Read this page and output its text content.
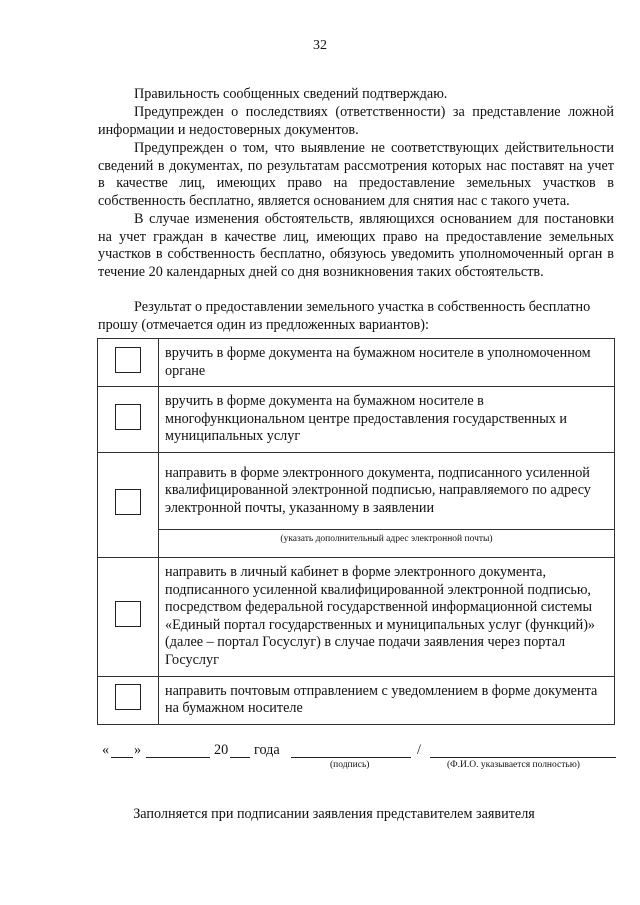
32

Правильность сообщенных сведений подтверждаю.

Предупрежден о последствиях (ответственности) за представление ложной информации и недостоверных документов.

Предупрежден о том, что выявление не соответствующих действительности сведений в документах, по результатам рассмотрения которых нас поставят на учет в качестве лиц, имеющих право на предоставление земельных участков в собственность бесплатно, является основанием для снятия нас с такого учета.

В случае изменения обстоятельств, являющихся основанием для постановки на учет граждан в качестве лиц, имеющих право на предоставление земельных участков в собственность бесплатно, обязуюсь уведомить уполномоченный орган в течение 20 календарных дней со дня возникновения таких обстоятельств.

Результат о предоставлении земельного участка в собственность бесплатно прошу (отмечается один из предложенных вариантов):

	вручить в форме документа на бумажном носителе в уполномоченном органе
	вручить в форме документа на бумажном носителе в многофункциональном центре предоставления государственных и муниципальных услуг
	направить в форме электронного документа, подписанного усиленной квалифицированной электронной подписью, направляемого по адресу электронной почты, указанному в заявлении
	(указать дополнительный адрес электронной почты)
	направить в личный кабинет в форме электронного документа, подписанного усиленной квалифицированной электронной подписью, посредством федеральной государственной информационной системы «Единый портал государственных и муниципальных услуг (функций)» (далее – портал Госуслуг) в случае подачи заявления через портал Госуслуг
	направить почтовым отправлением с уведомлением в форме документа на бумажном носителе
« »	20 года	/
(подпись)	(Ф.И.О. указывается полностью)
Заполняется при подписании заявления представителем заявителя
